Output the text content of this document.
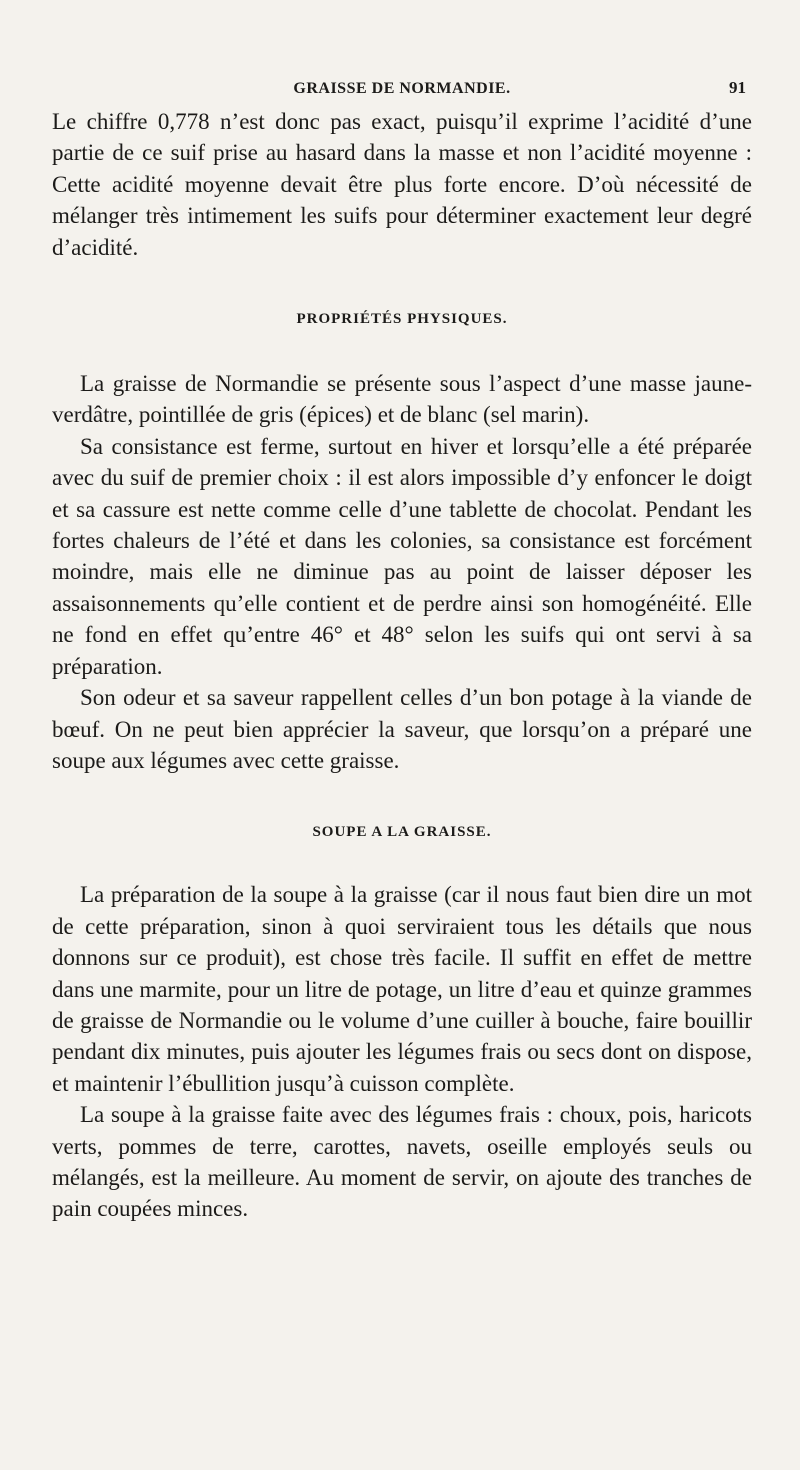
GRAISSE DE NORMANDIE.	91

Le chiffre 0,778 n’est donc pas exact, puisqu’il exprime l’acidité d’une partie de ce suif prise au hasard dans la masse et non l’acidité moyenne : Cette acidité moyenne devait être plus forte encore. D’où nécessité de mélanger très intimement les suifs pour déterminer exactement leur degré d’acidité.

PROPRIÉTÉS PHYSIQUES.

La graisse de Normandie se présente sous l’aspect d’une masse jaune-verdâtre, pointillée de gris (épices) et de blanc (sel marin).

Sa consistance est ferme, surtout en hiver et lorsqu’elle a été préparée avec du suif de premier choix : il est alors impossible d’y enfoncer le doigt et sa cassure est nette comme celle d’une tablette de chocolat. Pendant les fortes chaleurs de l’été et dans les colonies, sa consistance est forcément moindre, mais elle ne diminue pas au point de laisser déposer les assaisonnements qu’elle contient et de perdre ainsi son homogénéité. Elle ne fond en effet qu’entre 46° et 48° selon les suifs qui ont servi à sa préparation.

Son odeur et sa saveur rappellent celles d’un bon potage à la viande de bœuf. On ne peut bien apprécier la saveur, que lorsqu’on a préparé une soupe aux légumes avec cette graisse.

SOUPE A LA GRAISSE.

La préparation de la soupe à la graisse (car il nous faut bien dire un mot de cette préparation, sinon à quoi serviraient tous les détails que nous donnons sur ce produit), est chose très facile. Il suffit en effet de mettre dans une marmite, pour un litre de potage, un litre d’eau et quinze grammes de graisse de Normandie ou le volume d’une cuiller à bouche, faire bouillir pendant dix minutes, puis ajouter les légumes frais ou secs dont on dispose, et maintenir l’ébullition jusqu’à cuisson complète.

La soupe à la graisse faite avec des légumes frais : choux, pois, haricots verts, pommes de terre, carottes, navets, oseille employés seuls ou mélangés, est la meilleure. Au moment de servir, on ajoute des tranches de pain coupées minces.
